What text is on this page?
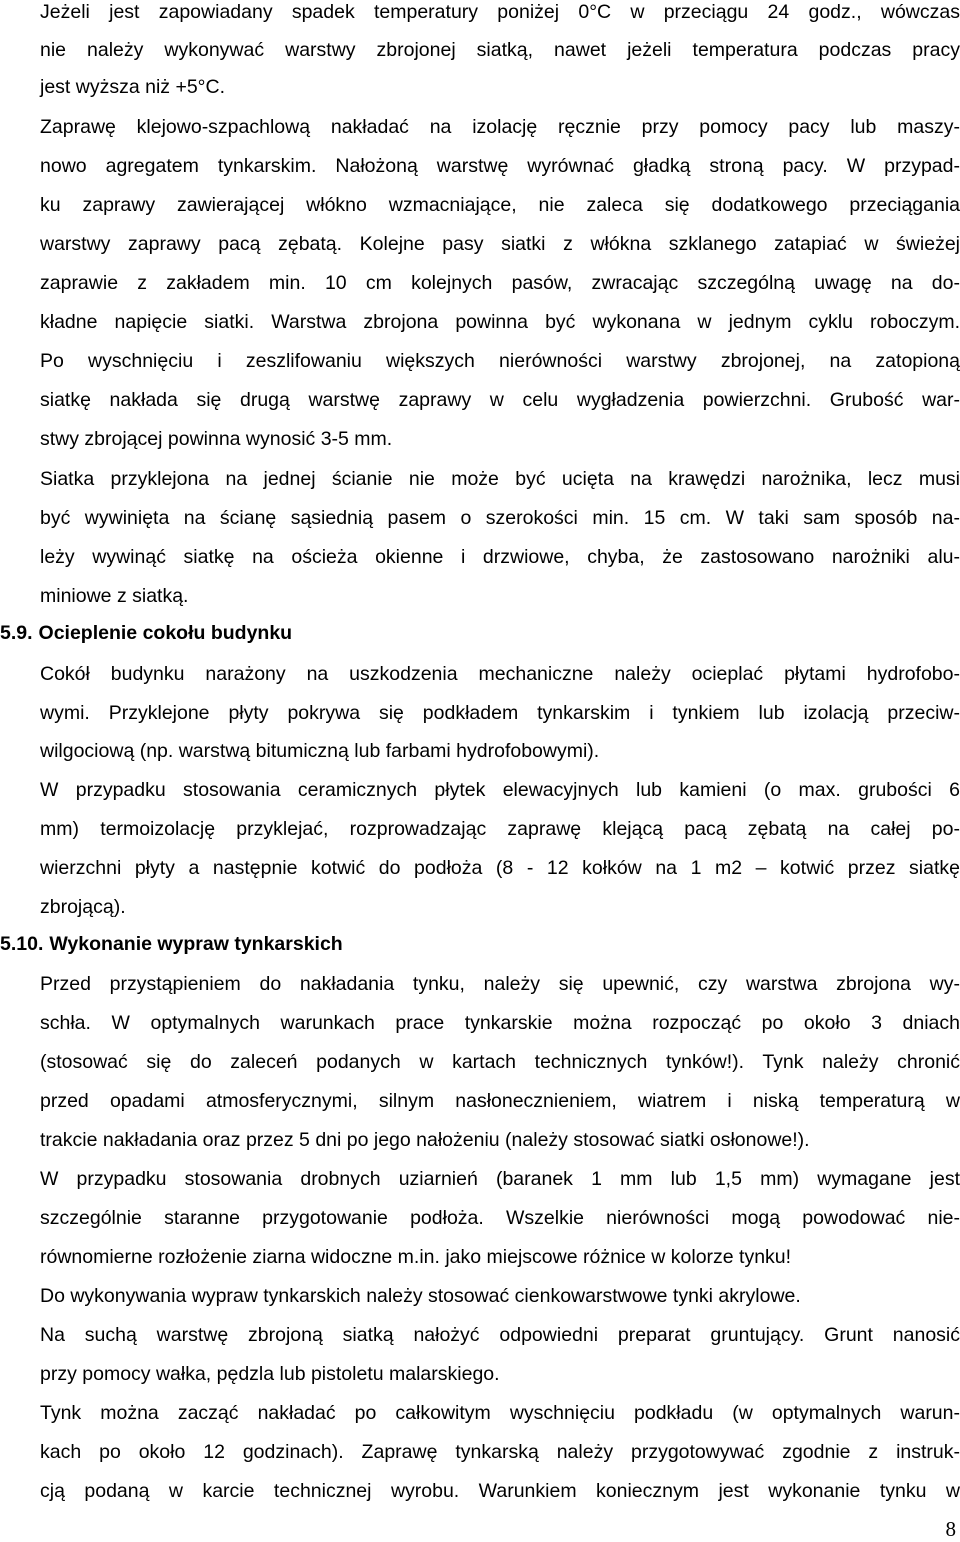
Jeżeli jest zapowiadany spadek temperatury poniżej 0°C w przeciągu 24 godz., wówczas

nie należy wykonywać warstwy zbrojonej siatką, nawet jeżeli temperatura podczas pracy

jest wyższa niż +5°C.

Zaprawę klejowo-szpachlową nakładać na izolację ręcznie przy pomocy pacy lub maszy-

nowo agregatem tynkarskim. Nałożoną warstwę wyrównać gładką stroną pacy. W przypad-

ku zaprawy zawierającej włókno wzmacniające, nie zaleca się dodatkowego przeciągania

warstwy zaprawy pacą zębatą. Kolejne pasy siatki z włókna szklanego zatapiać w świeżej

zaprawie z zakładem min. 10 cm kolejnych pasów, zwracając szczególną uwagę na do-

kładne napięcie siatki. Warstwa zbrojona powinna być wykonana w jednym cyklu roboczym.

Po wyschnięciu i zeszlifowaniu większych nierówności warstwy zbrojonej, na zatopioną

siatkę nakłada się drugą warstwę zaprawy w celu wygładzenia powierzchni. Grubość war-

stwy zbrojącej powinna wynosić 3-5 mm.

Siatka przyklejona na jednej ścianie nie może być ucięta na krawędzi narożnika, lecz musi

być wywinięta na ścianę sąsiednią pasem o szerokości min. 15 cm. W taki sam sposób na-

leży wywinąć siatkę na ościeża okienne i drzwiowe, chyba, że zastosowano narożniki alu-

miniowe z siatką.

5.9. Ocieplenie cokołu budynku

Cokół budynku narażony na uszkodzenia mechaniczne należy ocieplać płytami hydrofobo-

wymi. Przyklejone płyty pokrywa się podkładem tynkarskim i tynkiem lub izolacją przeciw-

wilgociową (np. warstwą bitumiczną lub farbami hydrofobowymi).

W przypadku stosowania ceramicznych płytek elewacyjnych lub kamieni (o max. grubości 6

mm) termoizolację przyklejać, rozprowadzając zaprawę klejącą pacą zębatą na całej po-

wierzchni płyty a następnie kotwić do podłoża (8 - 12 kołków na 1 m2 – kotwić przez siatkę

zbrojącą).

5.10. Wykonanie wypraw tynkarskich

Przed przystąpieniem do nakładania tynku, należy się upewnić, czy warstwa zbrojona wy-

schła. W optymalnych warunkach prace tynkarskie można rozpocząć po około 3 dniach

(stosować się do zaleceń podanych w kartach technicznych tynków!). Tynk należy chronić

przed opadami atmosferycznymi, silnym nasłonecznieniem, wiatrem i niską temperaturą w

trakcie nakładania oraz przez 5 dni po jego nałożeniu (należy stosować siatki osłonowe!).

W przypadku stosowania drobnych uziarnień (baranek 1 mm lub 1,5 mm) wymagane jest

szczególnie staranne przygotowanie podłoża. Wszelkie nierówności mogą powodować nie-

równomierne rozłożenie ziarna widoczne m.in. jako miejscowe różnice w kolorze tynku!

Do wykonywania wypraw tynkarskich należy stosować cienkowarstwowe tynki akrylowe.

Na suchą warstwę zbrojoną siatką nałożyć odpowiedni preparat gruntujący. Grunt nanosić

przy pomocy wałka, pędzla lub pistoletu malarskiego.

Tynk można zacząć nakładać po całkowitym wyschnięciu podkładu (w optymalnych warun-

kach po około 12 godzinach). Zaprawę tynkarską należy przygotowywać zgodnie z instruk-

cją podaną w karcie technicznej wyrobu. Warunkiem koniecznym jest wykonanie tynku w

8
